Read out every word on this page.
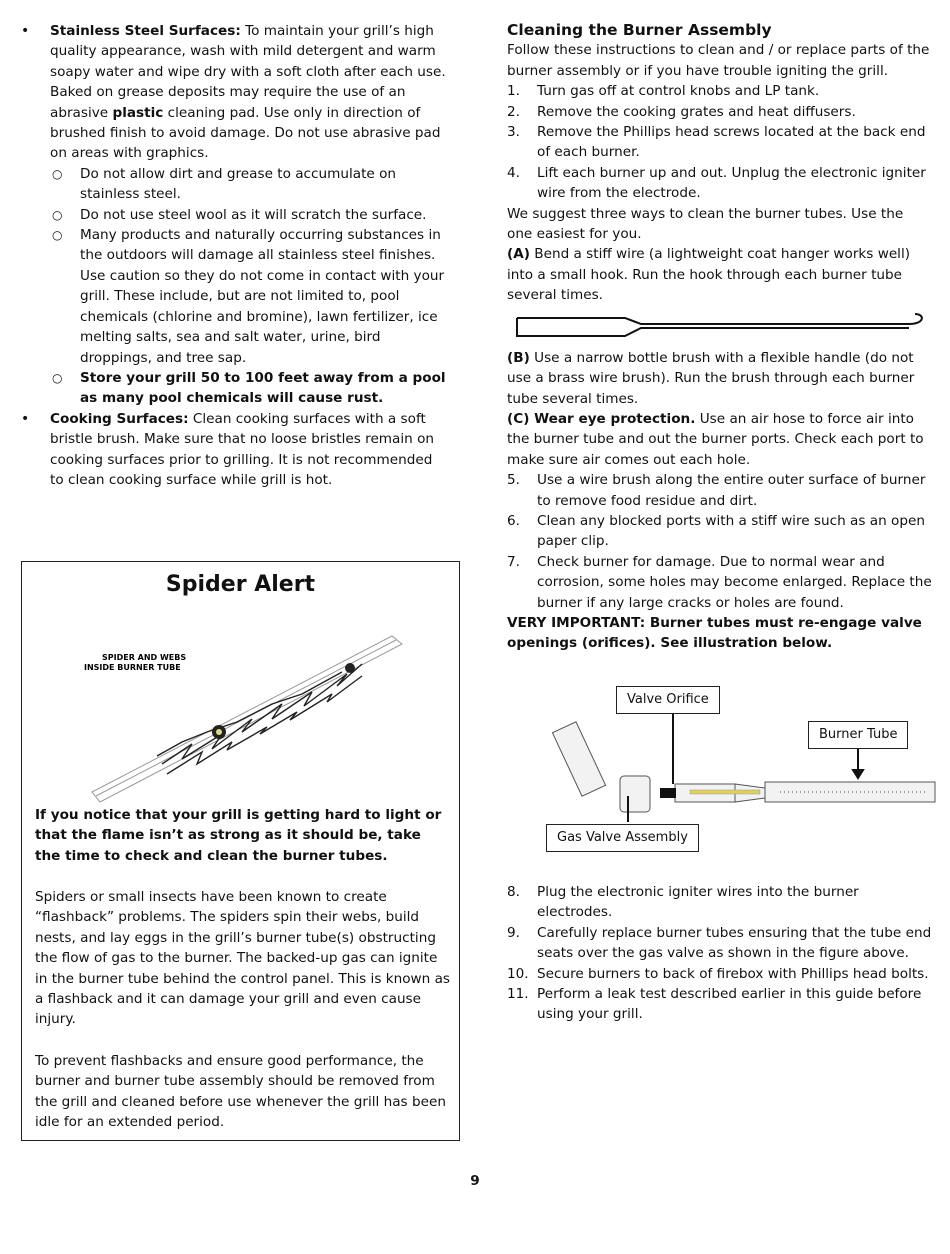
• Stainless Steel Surfaces: To maintain your grill’s high quality appearance, wash with mild detergent and warm soapy water and wipe dry with a soft cloth after each use. Baked on grease deposits may require the use of an abrasive plastic cleaning pad. Use only in direction of brushed finish to avoid damage. Do not use abrasive pad on areas with graphics.

○ Do not allow dirt and grease to accumulate on stainless steel.

○ Do not use steel wool as it will scratch the surface.

○ Many products and naturally occurring substances in the outdoors will damage all stainless steel finishes. Use caution so they do not come in contact with your grill. These include, but are not limited to, pool chemicals (chlorine and bromine), lawn fertilizer, ice melting salts, sea and salt water, urine, bird droppings, and tree sap.

○ Store your grill 50 to 100 feet away from a pool as many pool chemicals will cause rust.

• Cooking Surfaces: Clean cooking surfaces with a soft bristle brush. Make sure that no loose bristles remain on cooking surfaces prior to grilling. It is not recommended to clean cooking surface while grill is hot.

Spider Alert
SPIDER AND WEBS
INSIDE BURNER TUBE

If you notice that your grill is getting hard to light or that the flame isn’t as strong as it should be, take the time to check and clean the burner tubes.

Spiders or small insects have been known to create “flashback” problems. The spiders spin their webs, build nests, and lay eggs in the grill’s burner tube(s) obstructing the flow of gas to the burner. The backed-up gas can ignite in the burner tube behind the control panel. This is known as a flashback and it can damage your grill and even cause injury.

To prevent flashbacks and ensure good performance, the burner and burner tube assembly should be removed from the grill and cleaned before use whenever the grill has been idle for an extended period.

Cleaning the Burner Assembly

Follow these instructions to clean and / or replace parts of the burner assembly or if you have trouble igniting the grill.

1. Turn gas off at control knobs and LP tank.

2. Remove the cooking grates and heat diffusers.

3. Remove the Phillips head screws located at the back end of each burner.

4. Lift each burner up and out. Unplug the electronic igniter wire from the electrode.

We suggest three ways to clean the burner tubes. Use the one easiest for you.

(A) Bend a stiff wire (a lightweight coat hanger works well) into a small hook. Run the hook through each burner tube several times.

(B) Use a narrow bottle brush with a flexible handle (do not use a brass wire brush). Run the brush through each burner tube several times.

(C) Wear eye protection. Use an air hose to force air into the burner tube and out the burner ports. Check each port to make sure air comes out each hole.

5. Use a wire brush along the entire outer surface of burner to remove food residue and dirt.

6. Clean any blocked ports with a stiff wire such as an open paper clip.

7. Check burner for damage. Due to normal wear and corrosion, some holes may become enlarged. Replace the burner if any large cracks or holes are found.

VERY IMPORTANT: Burner tubes must re-engage valve openings (orifices). See illustration below.

Valve Orifice
Burner Tube
Gas Valve Assembly
8. Plug the electronic igniter wires into the burner electrodes.

9. Carefully replace burner tubes ensuring that the tube end seats over the gas valve as shown in the figure above.

10. Secure burners to back of firebox with Phillips head bolts.

11. Perform a leak test described earlier in this guide before using your grill.

9
